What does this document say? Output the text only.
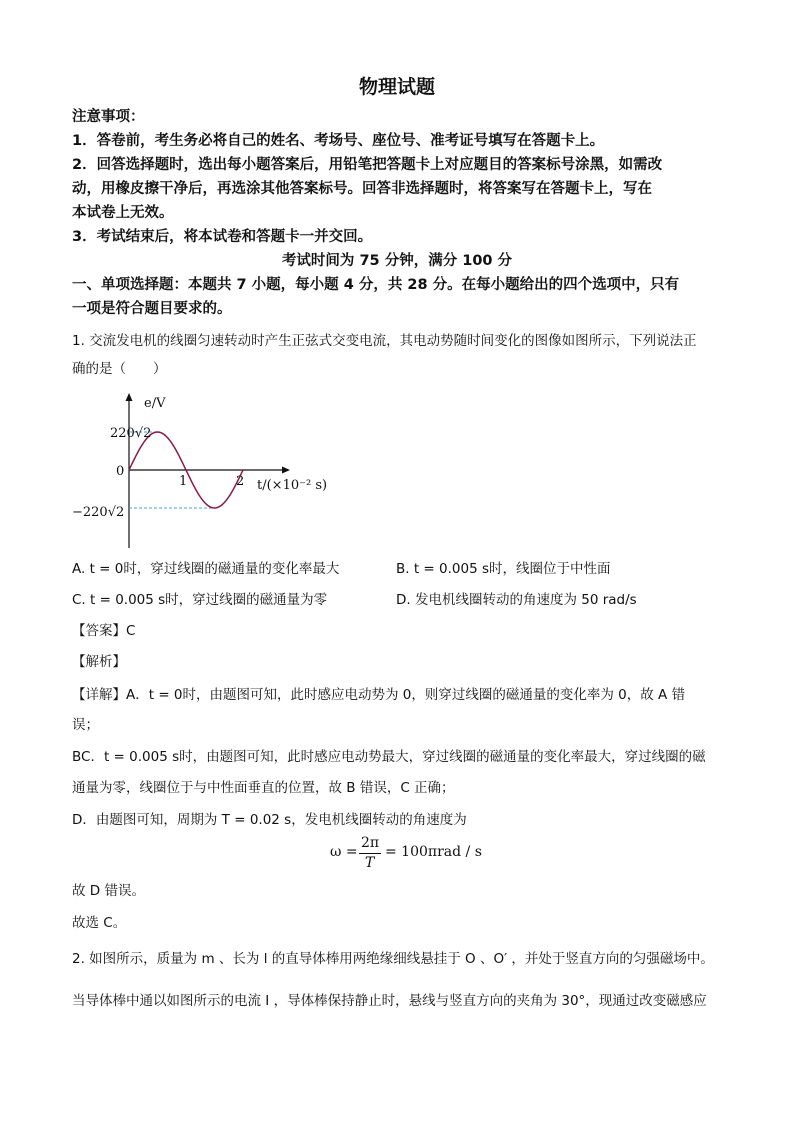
物理试题
注意事项：
1．答卷前，考生务必将自己的姓名、考场号、座位号、准考证号填写在答题卡上。
2．回答选择题时，选出每小题答案后，用铅笔把答题卡上对应题目的答案标号涂黑，如需改
动，用橡皮擦干净后，再选涂其他答案标号。回答非选择题时，将答案写在答题卡上，写在
本试卷上无效。
3．考试结束后，将本试卷和答题卡一并交回。
考试时间为 75 分钟，满分 100 分
一、单项选择题：本题共 7 小题，每小题 4 分，共 28 分。在每小题给出的四个选项中，只有
一项是符合题目要求的。
1. 交流发电机的线圈匀速转动时产生正弦式交变电流，其电动势随时间变化的图像如图所示，下列说法正
确的是（　　）
e/V
t/(×10⁻² s)
220√2
−220√2
0
1	2
A. t = 0时，穿过线圈的磁通量的变化率最大	B. t = 0.005 s时，线圈位于中性面
C. t = 0.005 s时，穿过线圈的磁通量为零	D. 发电机线圈转动的角速度为 50 rad/s
【答案】C
【解析】
【详解】A．t = 0时，由题图可知，此时感应电动势为 0，则穿过线圈的磁通量的变化率为 0，故 A 错
误；
BC．t = 0.005 s时，由题图可知，此时感应电动势最大，穿过线圈的磁通量的变化率最大，穿过线圈的磁
通量为零，线圈位于与中性面垂直的位置，故 B 错误，C 正确；
D．由题图可知，周期为 T = 0.02 s，发电机线圈转动的角速度为
ω =
2π
T
= 100πrad / s
故 D 错误。
故选 C。
2. 如图所示，质量为 m 、长为 l 的直导体棒用两绝缘细线悬挂于 O 、O′ ，并处于竖直方向的匀强磁场中。
当导体棒中通以如图所示的电流 I ，导体棒保持静止时，悬线与竖直方向的夹角为 30°，现通过改变磁感应
